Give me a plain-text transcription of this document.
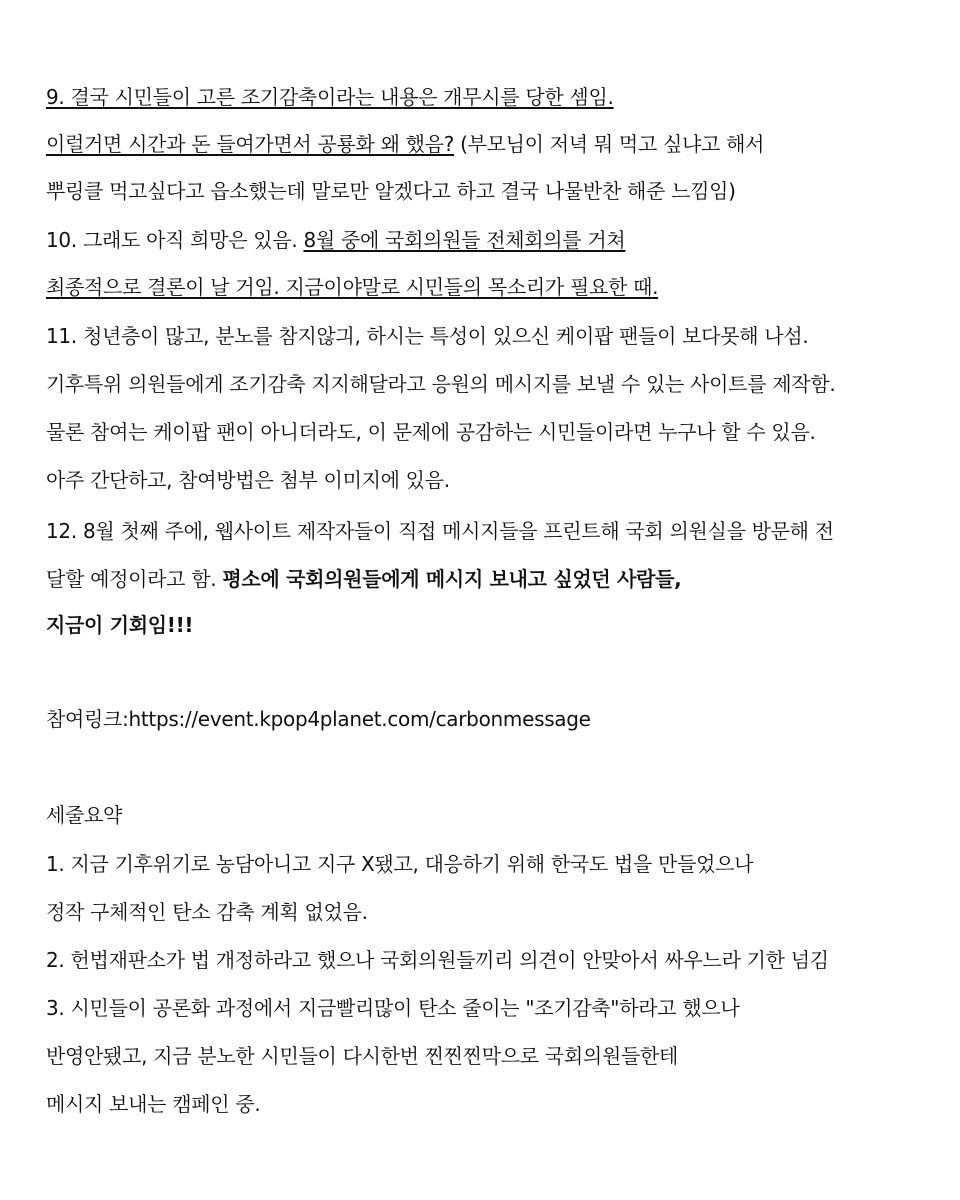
9. 결국 시민들이 고른 조기감축이라는 내용은 개무시를 당한 셈임.
이럴거면 시간과 돈 들여가면서 공룡화 왜 했음? (부모님이 저녁 뭐 먹고 싶냐고 해서
뿌링클 먹고싶다고 읍소했는데 말로만 알겠다고 하고 결국 나물반찬 해준 느낌임)
10. 그래도 아직 희망은 있음. 8월 중에 국회의원들 전체회의를 거쳐
최종적으로 결론이 날 거임. 지금이야말로 시민들의 목소리가 필요한 때.
11. 청년층이 많고, 분노를 참지않긔, 하시는 특성이 있으신 케이팝 팬들이 보다못해 나섬.
기후특위 의원들에게 조기감축 지지해달라고 응원의 메시지를 보낼 수 있는 사이트를 제작함.
물론 참여는 케이팝 팬이 아니더라도, 이 문제에 공감하는 시민들이라면 누구나 할 수 있음.
아주 간단하고, 참여방법은 첨부 이미지에 있음.
12. 8월 첫째 주에, 웹사이트 제작자들이 직접 메시지들을 프린트해 국회 의원실을 방문해 전
달할 예정이라고 함. 평소에 국회의원들에게 메시지 보내고 싶었던 사람들,
지금이 기회임!!!
참여링크:https://event.kpop4planet.com/carbonmessage
세줄요약
1. 지금 기후위기로 농담아니고 지구 X됐고, 대응하기 위해 한국도 법을 만들었으나
정작 구체적인 탄소 감축 계획 없었음.
2. 헌법재판소가 법 개정하라고 했으나 국회의원들끼리 의견이 안맞아서 싸우느라 기한 넘김
3. 시민들이 공론화 과정에서 지금빨리많이 탄소 줄이는 "조기감축"하라고 했으나
반영안됐고, 지금 분노한 시민들이 다시한번 찐찐찐막으로 국회의원들한테
메시지 보내는 캠페인 중.
